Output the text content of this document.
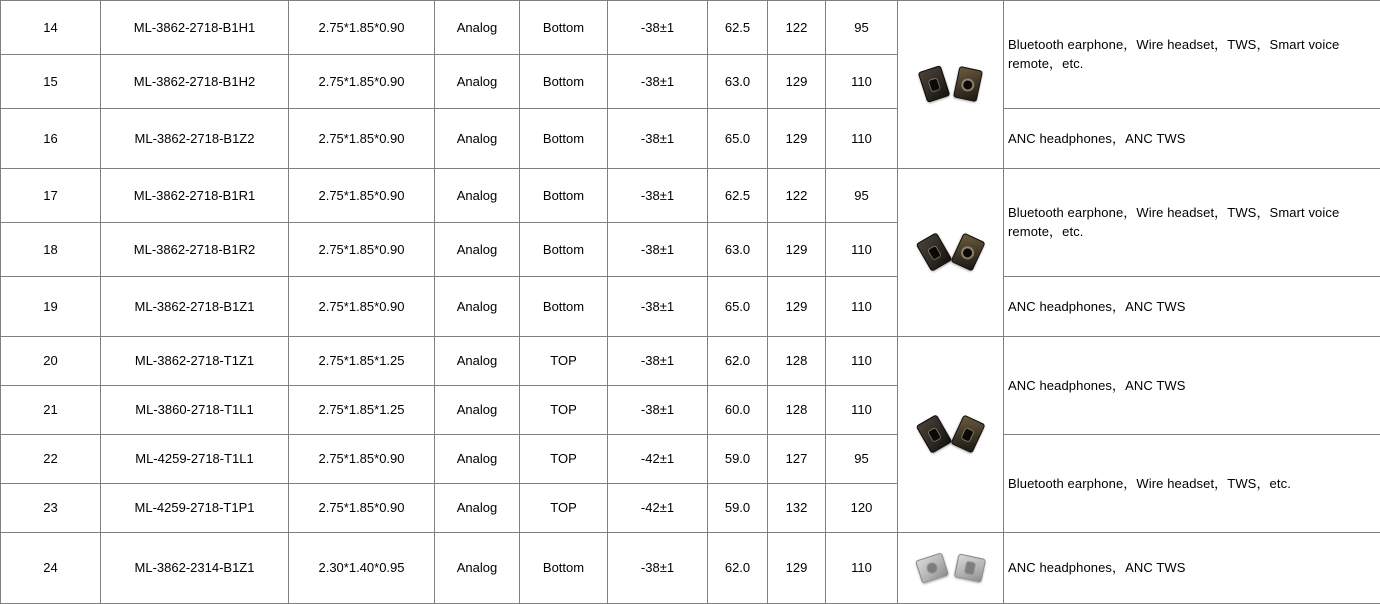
14	ML-3862-2718-B1H1	2.75*1.85*0.90	Analog	Bottom	-38±1	62.5	122	95		Bluetooth earphone，Wire headset，TWS，Smart voice remote，etc.

15	ML-3862-2718-B1H2	2.75*1.85*0.90	Analog	Bottom	-38±1	63.0	129	110		
16	ML-3862-2718-B1Z2	2.75*1.85*0.90	Analog	Bottom	-38±1	65.0	129	110		ANC headphones，ANC TWS

17	ML-3862-2718-B1R1	2.75*1.85*0.90	Analog	Bottom	-38±1	62.5	122	95		Bluetooth earphone，Wire headset，TWS，Smart voice remote，etc.

18	ML-3862-2718-B1R2	2.75*1.85*0.90	Analog	Bottom	-38±1	63.0	129	110		
19	ML-3862-2718-B1Z1	2.75*1.85*0.90	Analog	Bottom	-38±1	65.0	129	110		ANC headphones，ANC TWS

20	ML-3862-2718-T1Z1	2.75*1.85*1.25	Analog	TOP	-38±1	62.0	128	110		ANC headphones，ANC TWS

21	ML-3860-2718-T1L1	2.75*1.85*1.25	Analog	TOP	-38±1	60.0	128	110		
22	ML-4259-2718-T1L1	2.75*1.85*0.90	Analog	TOP	-42±1	59.0	127	95		Bluetooth earphone，Wire headset，TWS，etc.

23	ML-4259-2718-T1P1	2.75*1.85*0.90	Analog	TOP	-42±1	59.0	132	120		
24	ML-3862-2314-B1Z1	2.30*1.40*0.95	Analog	Bottom	-38±1	62.0	129	110		ANC headphones，ANC TWS
